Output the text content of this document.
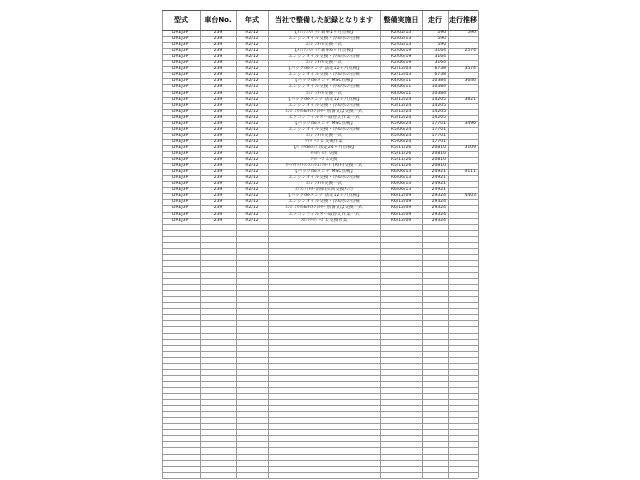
型式	車台No.	年式	当社で整備した記録となります	整備実施日	走行	走行推移
DREJ3P	239	R2/12	【ﾒﾝﾃﾅﾝｽﾊﾟｯｸ 新車1ヶ月点検】	R2/02/13	590	590
DREJ3P	239	R2/12	エンジンオイル交換・冷却水の点検	R2/02/13	590
DREJ3P	239	R2/12	ｴﾝｼﾞﾝｵｲﾙ交換一式	R2/02/13	590
DREJ3P	239	R2/12	【ﾒﾝﾃﾅﾝｽﾊﾟｯｸ 新車6ヶ月点検】	R2/06/19	3164	2574
DREJ3P	239	R2/12	エンジンオイル交換・冷却水の点検	R2/06/19	3164
DREJ3P	239	R2/12	ｴﾝｼﾞﾝｵｲﾙ交換一式	R2/06/19	3164
DREJ3P	239	R2/12	【パックdeメンテ 法定12ヶ月点検】	R2/12/03	6738	3574
DREJ3P	239	R2/12	エンジンオイル交換・冷却水の点検	R2/12/03	6738
DREJ3P	239	R2/12	【パックdeメンテ MSC点検】	R4/06/11	10384	3646
DREJ3P	239	R2/12	エンジンオイル交換・冷却水の点検	R4/06/11	10384
DREJ3P	239	R2/12	ｴﾝｼﾞﾝｵｲﾙ交換一式	R4/06/11	10384
DREJ3P	239	R2/12	【パックdeメンテ 法定12ヶ月点検】	R3/12/24	14205	3821
DREJ3P	239	R2/12	エンジンオイル交換・冷却水の点検	R3/12/24	14205
DREJ3P	239	R2/12	ｴﾝｼﾞﾝｵｲﾙ&ｵｲﾙﾌｨﾙﾀｰ 別番又は交換一式	R3/12/24	14205
DREJ3P	239	R2/12	エアコンフィルター取替え作業一式	R3/12/24	14205
DREJ3P	239	R2/12	【パックdeメンテ MSC点検】	R5/06/24	17701	3496
DREJ3P	239	R2/12	エンジンオイル交換・冷却水の点検	R5/06/24	17701
DREJ3P	239	R2/12	ｴﾝｼﾞﾝｵｲﾙ交換一式	R5/06/24	17701
DREJ3P	239	R2/12	ﾜｲﾊﾟｰｺﾞﾑ 交換作業	R5/06/24	17701
DREJ3P	239	R2/12	【ﾊﾟｯｸdeﾒﾝﾃ 法定24ヶ月点検】	R5/11/26	20810	3109
DREJ3P	239	R2/12	ﾀｲﾙﾊﾞﾙﾌﾞ交換	R5/11/26	20810
DREJ3P	239	R2/12	ﾜｲﾊﾟｰｺﾞﾑ交換	R5/11/26	20810
DREJ3P	239	R2/12	ｵｰﾄﾏﾁｯｸﾄﾗﾝｽﾐｯｼｮﾝﾌﾙｰﾄﾞ(ATF)交換一式	R5/11/26	20810
DREJ3P	239	R2/12	【パックdeメンテ MSC点検】	R6/06/13	24921	4111
DREJ3P	239	R2/12	エンジンオイル交換・冷却水の点検	R6/06/13	24921
DREJ3P	239	R2/12	ｴﾝｼﾞﾝｵｲﾙ交換一式	R6/06/13	24921
DREJ3P	239	R2/12	ｴｱｺﾝﾌｨﾙﾀｰ清掃(次回交換ﾒﾝﾃ)	R6/06/13	24921
DREJ3P	239	R2/12	【パックdeメンテ 法定12ヶ月点検】	R6/12/09	29324	4403
DREJ3P	239	R2/12	エンジンオイル交換・冷却水の点検	R6/12/09	29324
DREJ3P	239	R2/12	ｴﾝｼﾞﾝｵｲﾙ&ｵｲﾙﾌｨﾙﾀｰ 別番又は交換一式	R6/12/09	29324
DREJ3P	239	R2/12	エアコンフィルター取替え作業一式	R6/12/09	29324
DREJ3P	239	R2/12	ﾌﾛﾝﾄﾜｲﾊﾟｰｺﾞﾑ 交換作業	R6/12/09	29324
